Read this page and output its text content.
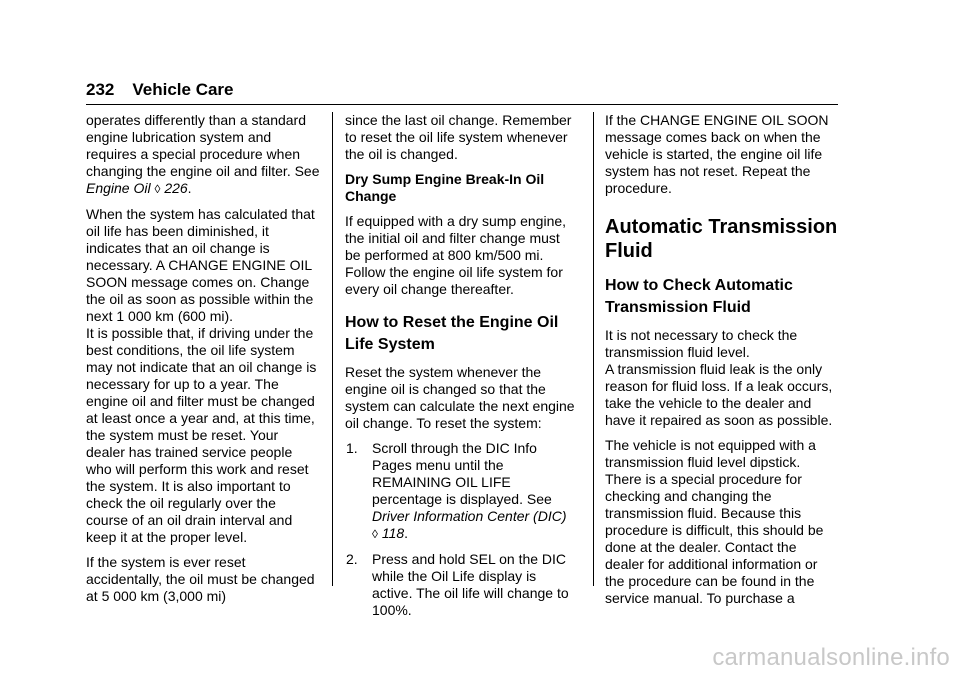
232 Vehicle Care

operates differently than a standard engine lubrication system and requires a special procedure when changing the engine oil and filter. See Engine Oil ◊ 226.

When the system has calculated that oil life has been diminished, it indicates that an oil change is necessary. A CHANGE ENGINE OIL SOON message comes on. Change the oil as soon as possible within the next 1 000 km (600 mi).

It is possible that, if driving under the best conditions, the oil life system may not indicate that an oil change is necessary for up to a year. The engine oil and filter must be changed at least once a year and, at this time, the system must be reset. Your dealer has trained service people who will perform this work and reset the system. It is also important to check the oil regularly over the course of an oil drain interval and keep it at the proper level.

If the system is ever reset accidentally, the oil must be changed at 5 000 km (3,000 mi)

since the last oil change. Remember to reset the oil life system whenever the oil is changed.

Dry Sump Engine Break-In Oil Change

If equipped with a dry sump engine, the initial oil and filter change must be performed at 800 km/500 mi. Follow the engine oil life system for every oil change thereafter.

How to Reset the Engine Oil Life System

Reset the system whenever the engine oil is changed so that the system can calculate the next engine oil change. To reset the system:

1. Scroll through the DIC Info Pages menu until the REMAINING OIL LIFE percentage is displayed. See Driver Information Center (DIC)
◊ 118.
2. Press and hold SEL on the DIC while the Oil Life display is active. The oil life will change to 100%.

If the CHANGE ENGINE OIL SOON message comes back on when the vehicle is started, the engine oil life system has not reset. Repeat the procedure.

Automatic Transmission Fluid
How to Check Automatic Transmission Fluid

It is not necessary to check the transmission fluid level.

A transmission fluid leak is the only reason for fluid loss. If a leak occurs, take the vehicle to the dealer and have it repaired as soon as possible.

The vehicle is not equipped with a transmission fluid level dipstick. There is a special procedure for checking and changing the transmission fluid. Because this procedure is difficult, this should be done at the dealer. Contact the dealer for additional information or the procedure can be found in the service manual. To purchase a

carmanualsonline.info
